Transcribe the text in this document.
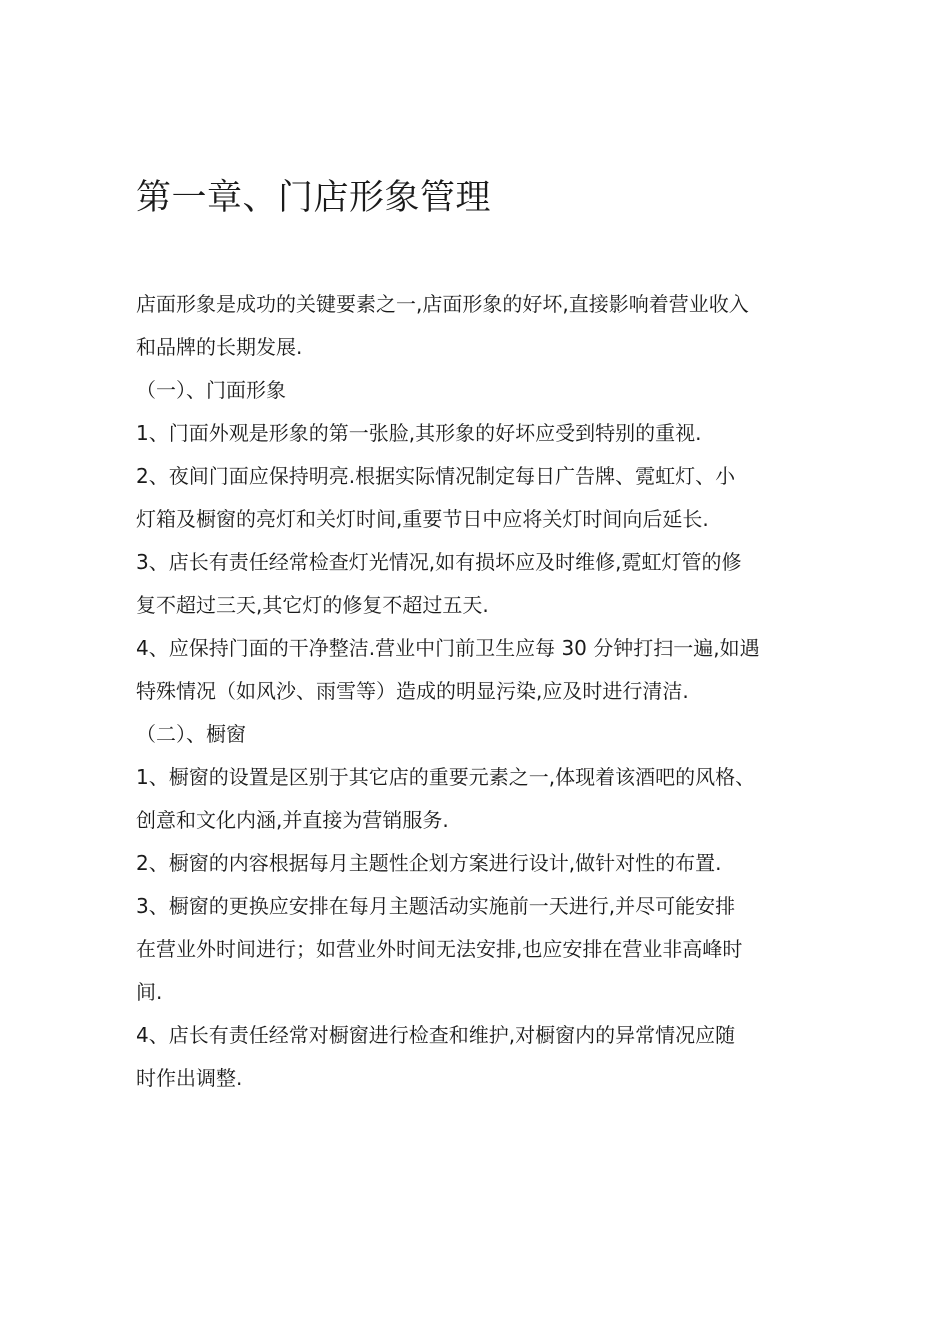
第一章、门店形象管理

店面形象是成功的关键要素之一,店面形象的好坏,直接影响着营业收入
和品牌的长期发展.

（一）、门面形象

1、门面外观是形象的第一张脸,其形象的好坏应受到特别的重视.

2、夜间门面应保持明亮.根据实际情况制定每日广告牌、霓虹灯、小
灯箱及橱窗的亮灯和关灯时间,重要节日中应将关灯时间向后延长.

3、店长有责任经常检查灯光情况,如有损坏应及时维修,霓虹灯管的修
复不超过三天,其它灯的修复不超过五天.

4、应保持门面的干净整洁.营业中门前卫生应每 30 分钟打扫一遍,如遇
特殊情况（如风沙、雨雪等）造成的明显污染,应及时进行清洁.

（二）、橱窗

1、橱窗的设置是区别于其它店的重要元素之一,体现着该酒吧的风格、
创意和文化内涵,并直接为营销服务.

2、橱窗的内容根据每月主题性企划方案进行设计,做针对性的布置.

3、橱窗的更换应安排在每月主题活动实施前一天进行,并尽可能安排
在营业外时间进行；如营业外时间无法安排,也应安排在营业非高峰时
间.

4、店长有责任经常对橱窗进行检查和维护,对橱窗内的异常情况应随
时作出调整.
